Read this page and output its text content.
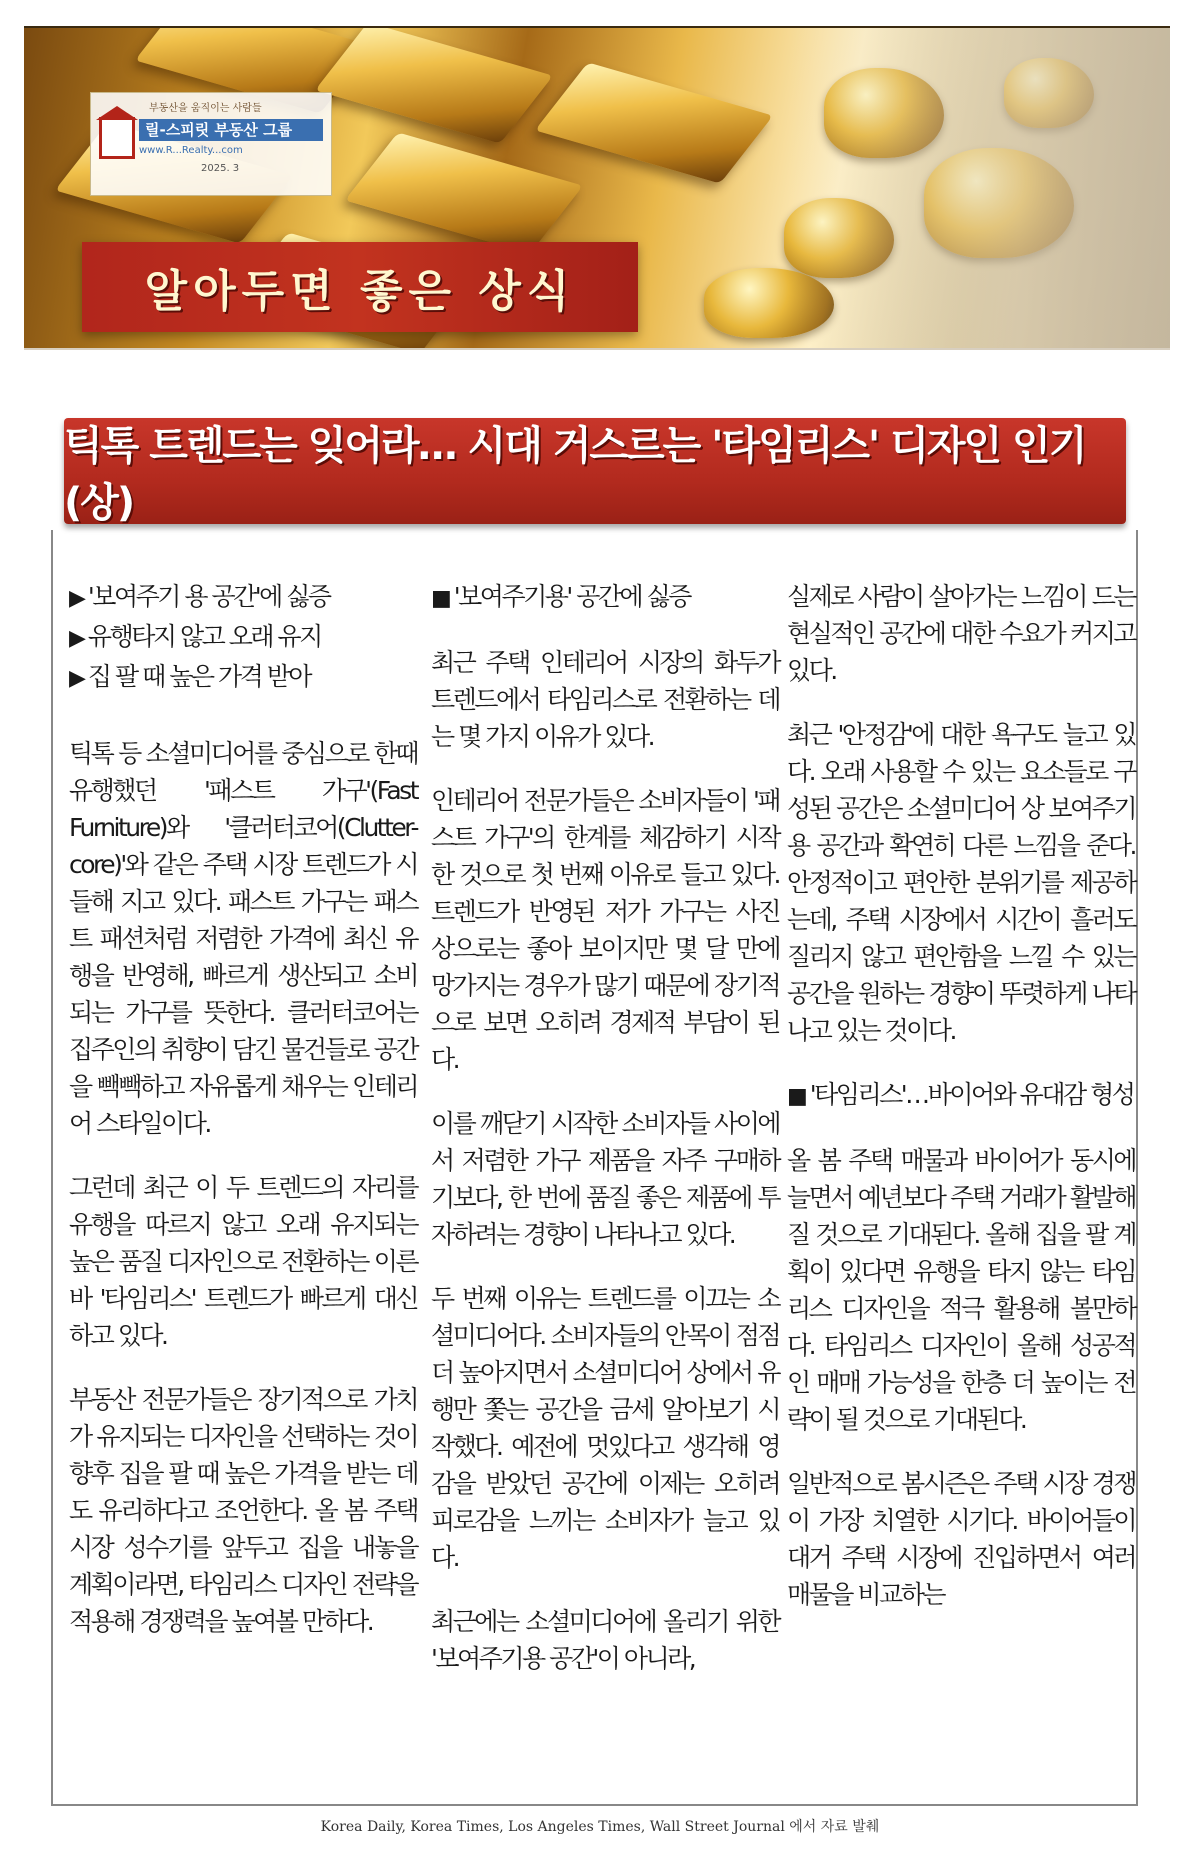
부동산을 움직이는 사람들
릴-스피릿 부동산 그룹
www.R...Realty...com
2025. 3
알아두면 좋은 상식
틱톡 트렌드는 잊어라… 시대 거스르는 '타임리스' 디자인 인기(상)
▶ '보여주기 용 공간'에 싫증
▶ 유행타지 않고 오래 유지
▶ 집 팔 때 높은 가격 받아

틱톡 등 소셜미디어를 중심으로 한때 유행했던 '패스트 가구'(Fast Furniture)와 '클러터코어(Clutter-core)'와 같은 주택 시장 트렌드가 시들해 지고 있다. 패스트 가구는 패스트 패션처럼 저렴한 가격에 최신 유행을 반영해, 빠르게 생산되고 소비되는 가구를 뜻한다. 클러터코어는 집주인의 취향이 담긴 물건들로 공간을 빽빽하고 자유롭게 채우는 인테리어 스타일이다.

그런데 최근 이 두 트렌드의 자리를 유행을 따르지 않고 오래 유지되는 높은 품질 디자인으로 전환하는 이른바 '타임리스' 트렌드가 빠르게 대신하고 있다.

부동산 전문가들은 장기적으로 가치가 유지되는 디자인을 선택하는 것이 향후 집을 팔 때 높은 가격을 받는 데도 유리하다고 조언한다. 올 봄 주택 시장 성수기를 앞두고 집을 내놓을 계획이라면, 타임리스 디자인 전략을 적용해 경쟁력을 높여볼 만하다.

■ '보여주기용' 공간에 싫증

최근 주택 인테리어 시장의 화두가 트렌드에서 타임리스로 전환하는 데는 몇 가지 이유가 있다.

인테리어 전문가들은 소비자들이 '패스트 가구'의 한계를 체감하기 시작한 것으로 첫 번째 이유로 들고 있다. 트렌드가 반영된 저가 가구는 사진 상으로는 좋아 보이지만 몇 달 만에 망가지는 경우가 많기 때문에 장기적으로 보면 오히려 경제적 부담이 된다.

이를 깨닫기 시작한 소비자들 사이에서 저렴한 가구 제품을 자주 구매하기보다, 한 번에 품질 좋은 제품에 투자하려는 경향이 나타나고 있다.

두 번째 이유는 트렌드를 이끄는 소셜미디어다. 소비자들의 안목이 점점 더 높아지면서 소셜미디어 상에서 유행만 쫓는 공간을 금세 알아보기 시작했다. 예전에 멋있다고 생각해 영감을 받았던 공간에 이제는 오히려 피로감을 느끼는 소비자가 늘고 있다.

최근에는 소셜미디어에 올리기 위한 '보여주기용 공간'이 아니라,

실제로 사람이 살아가는 느낌이 드는 현실적인 공간에 대한 수요가 커지고 있다.

최근 '안정감'에 대한 욕구도 늘고 있다. 오래 사용할 수 있는 요소들로 구성된 공간은 소셜미디어 상 보여주기용 공간과 확연히 다른 느낌을 준다. 안정적이고 편안한 분위기를 제공하는데, 주택 시장에서 시간이 흘러도 질리지 않고 편안함을 느낄 수 있는 공간을 원하는 경향이 뚜렷하게 나타나고 있는 것이다.

■ '타임리스'…바이어와 유대감 형성

올 봄 주택 매물과 바이어가 동시에 늘면서 예년보다 주택 거래가 활발해질 것으로 기대된다. 올해 집을 팔 계획이 있다면 유행을 타지 않는 타임리스 디자인을 적극 활용해 볼만하다. 타임리스 디자인이 올해 성공적인 매매 가능성을 한층 더 높이는 전략이 될 것으로 기대된다.

일반적으로 봄시즌은 주택 시장 경쟁이 가장 치열한 시기다. 바이어들이 대거 주택 시장에 진입하면서 여러 매물을 비교하는

Korea Daily, Korea Times, Los Angeles Times, Wall Street Journal 에서 자료 발췌
